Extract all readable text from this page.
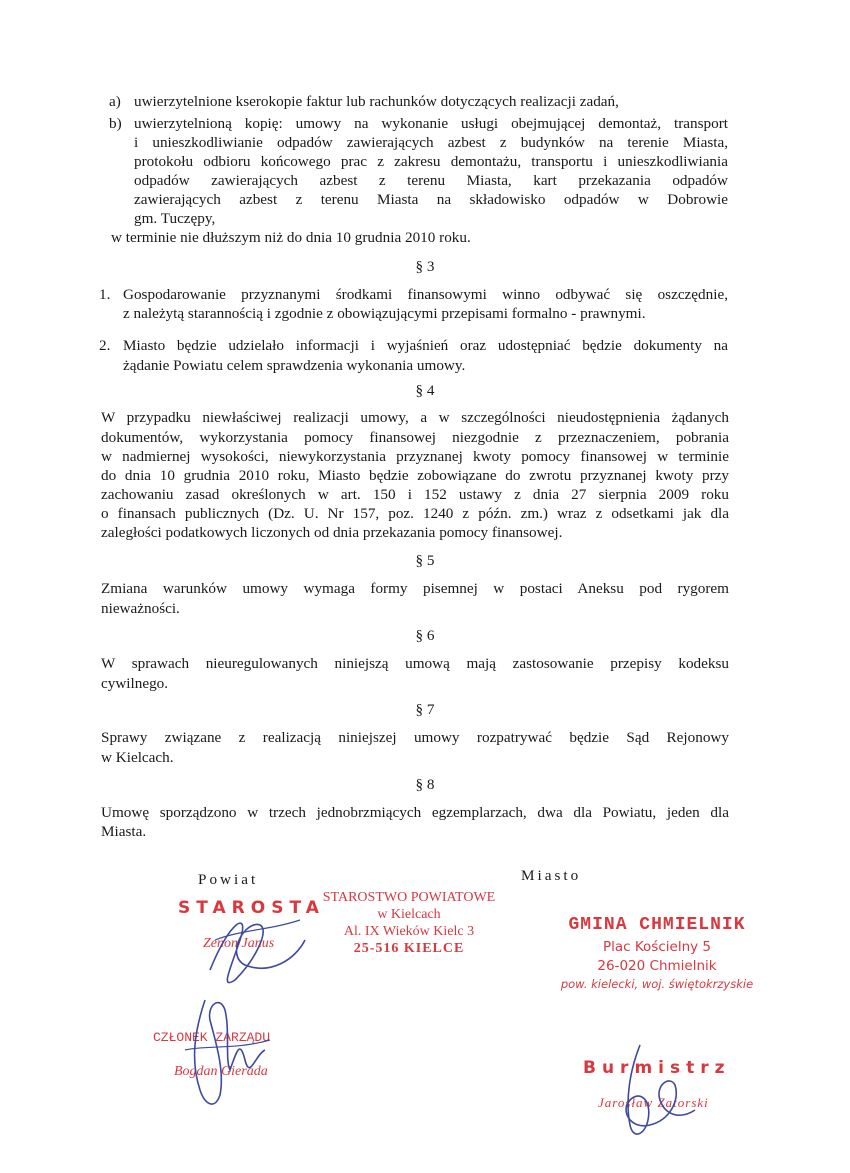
a) uwierzytelnione kserokopie faktur lub rachunków dotyczących realizacji zadań,
b) uwierzytelnioną kopię: umowy na wykonanie usługi obejmującej demontaż, transport
i unieszkodliwianie odpadów zawierających azbest z budynków na terenie Miasta,
protokołu odbioru końcowego prac z zakresu demontażu, transportu i unieszkodliwiania
odpadów zawierających azbest z terenu Miasta, kart przekazania odpadów
zawierających azbest z terenu Miasta na składowisko odpadów w Dobrowie
gm. Tuczępy,
w terminie nie dłuższym niż do dnia 10 grudnia 2010 roku.
§ 3
1. Gospodarowanie przyznanymi środkami finansowymi winno odbywać się oszczędnie,
z należytą starannością i zgodnie z obowiązującymi przepisami formalno - prawnymi.
2. Miasto będzie udzielało informacji i wyjaśnień oraz udostępniać będzie dokumenty na
żądanie Powiatu celem sprawdzenia wykonania umowy.
§ 4
W przypadku niewłaściwej realizacji umowy, a w szczególności nieudostępnienia żądanych
dokumentów, wykorzystania pomocy finansowej niezgodnie z przeznaczeniem, pobrania
w nadmiernej wysokości, niewykorzystania przyznanej kwoty pomocy finansowej w terminie
do dnia 10 grudnia 2010 roku, Miasto będzie zobowiązane do zwrotu przyznanej kwoty przy
zachowaniu zasad określonych w art. 150 i 152 ustawy z dnia 27 sierpnia 2009 roku
o finansach publicznych (Dz. U. Nr 157, poz. 1240 z późn. zm.) wraz z odsetkami jak dla
zaległości podatkowych liczonych od dnia przekazania pomocy finansowej.
§ 5
Zmiana warunków umowy wymaga formy pisemnej w postaci Aneksu pod rygorem
nieważności.
§ 6
W sprawach nieuregulowanych niniejszą umową mają zastosowanie przepisy kodeksu
cywilnego.
§ 7
Sprawy związane z realizacją niniejszej umowy rozpatrywać będzie Sąd Rejonowy
w Kielcach.
§ 8
Umowę sporządzono w trzech jednobrzmiących egzemplarzach, dwa dla Powiatu, jeden dla
Miasta.
Powiat	Miasto
STAROSTA
Zenon Janus
STAROSTWO POWIATOWE
w Kielcach
Al. IX Wieków Kielc 3
25-516 KIELCE
GMINA CHMIELNIK
Plac Kościelny 5
26-020 Chmielnik
pow. kielecki, woj. świętokrzyskie
CZŁONEK ZARZĄDU
Bogdan Gierada	Burmistrz
Jarosław Zatorski
